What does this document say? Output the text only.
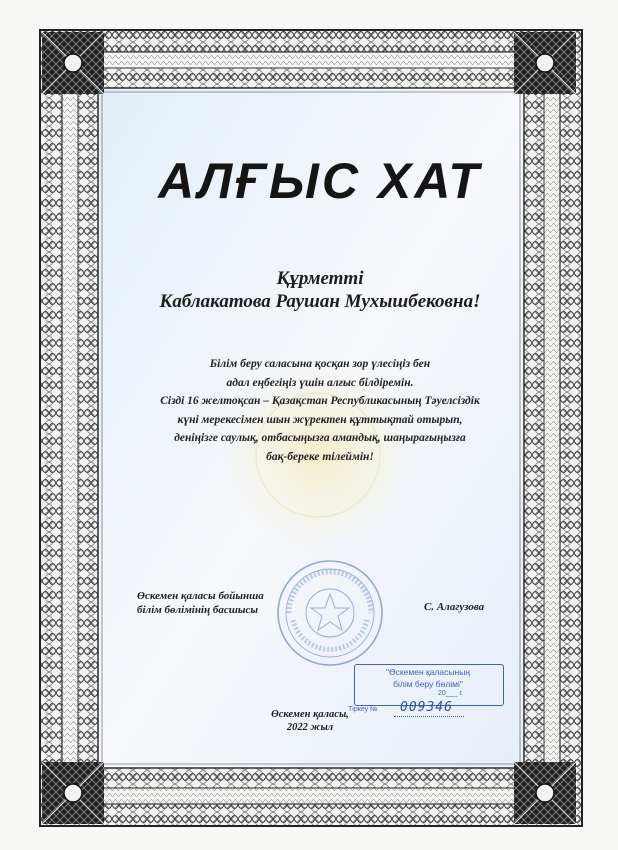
АЛҒЫС ХАТ
Құрметті
Каблакатова Раушан Мухышбековна!
Білім беру саласына қосқан зор үлесіңіз бен
адал еңбегіңіз үшін алғыс білдіремін.
Сізді 16 желтоқсан – Қазақстан Республикасының Тәуелсіздік
күні мерекесімен шын жүректен құттықтай отырып,
деніңізге саулық, отбасыңызға амандық, шаңырағыңызға
бақ-береке тілеймін!
Өскемен қаласы бойынша
білім бөлімінің басшысы	С. Алагузова
"Өскемен қаласының
білім беру бөлімі"
20___ г.
Тіркеу № 009346
Өскемен қаласы,
2022 жыл
